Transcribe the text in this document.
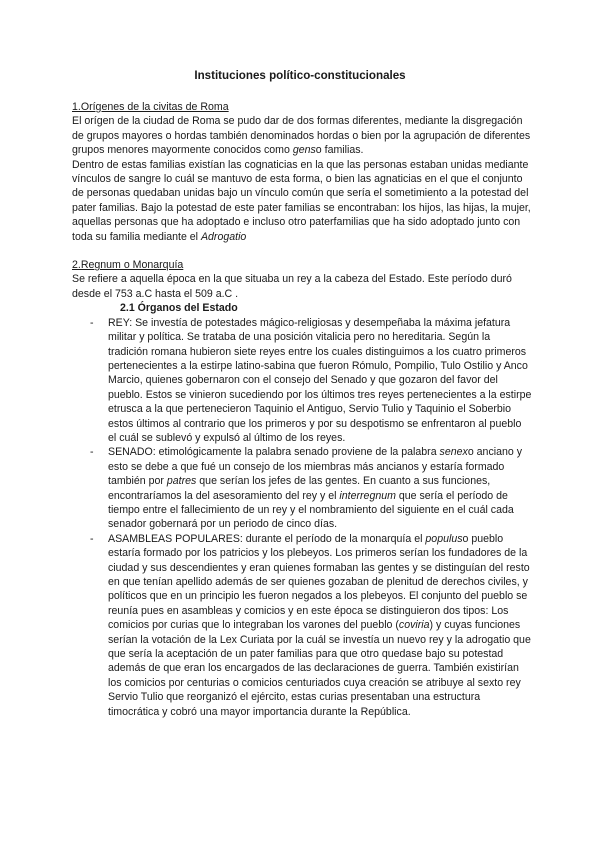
Instituciones político-constitucionales
1.Orígenes de la civitas de Roma

El orígen de la ciudad de Roma se pudo dar de dos formas diferentes, mediante la disgregación de grupos mayores o hordas también denominados hordas o bien por la agrupación de diferentes grupos menores mayormente conocidos como genso familias.

Dentro de estas familias existían las cognaticias en la que las personas estaban unidas mediante vínculos de sangre lo cuál se mantuvo de esta forma, o bien las agnaticias en el que el conjunto de personas quedaban unidas bajo un vínculo común que sería el sometimiento a la potestad del pater familias. Bajo la potestad de este pater familias se encontraban: los hijos, las hijas, la mujer, aquellas personas que ha adoptado e incluso otro paterfamilias que ha sido adoptado junto con toda su familia mediante el Adrogatio

2.Regnum o Monarquía

Se refiere a aquella época en la que situaba un rey a la cabeza del Estado. Este período duró desde el 753 a.C hasta el 509 a.C .

2.1 Órganos del Estado
- REY: Se investía de potestades mágico-religiosas y desempeñaba la máxima jefatura militar y política. Se trataba de una posición vitalicia pero no hereditaria. Según la tradición romana hubieron siete reyes entre los cuales distinguimos a los cuatro primeros pertenecientes a la estirpe latino-sabina que fueron Rómulo, Pompilio, Tulo Ostilio y Anco Marcio, quienes gobernaron con el consejo del Senado y que gozaron del favor del pueblo. Estos se vinieron sucediendo por los últimos tres reyes pertenecientes a la estirpe etrusca a la que pertenecieron Taquinio el Antiguo, Servio Tulio y Taquinio el Soberbio estos últimos al contrario que los primeros y por su despotismo se enfrentaron al pueblo el cuál se sublevó y expulsó al último de los reyes.
- SENADO: etimológicamente la palabra senado proviene de la palabra senexo anciano y esto se debe a que fué un consejo de los miembras más ancianos y estaría formado también por patres que serían los jefes de las gentes. En cuanto a sus funciones, encontraríamos la del asesoramiento del rey y el interregnum que sería el período de tiempo entre el fallecimiento de un rey y el nombramiento del siguiente en el cuál cada senador gobernará por un periodo de cinco días.
- ASAMBLEAS POPULARES: durante el período de la monarquía el populuso pueblo estaría formado por los patricios y los plebeyos. Los primeros serían los fundadores de la ciudad y sus descendientes y eran quienes formaban las gentes y se distinguían del resto en que tenían apellido además de ser quienes gozaban de plenitud de derechos civiles, y políticos que en un principio les fueron negados a los plebeyos. El conjunto del pueblo se reunía pues en asambleas y comicios y en este época se distinguieron dos tipos: Los comicios por curias que lo integraban los varones del pueblo (coviria) y cuyas funciones serían la votación de la Lex Curiata por la cuál se investía un nuevo rey y la adrogatio que que sería la aceptación de un pater familias para que otro quedase bajo su potestad además de que eran los encargados de las declaraciones de guerra. También existirían los comicios por centurias o comicios centuriados cuya creación se atribuye al sexto rey Servio Tulio que reorganizó el ejército, estas curias presentaban una estructura timocrática y cobró una mayor importancia durante la República.
